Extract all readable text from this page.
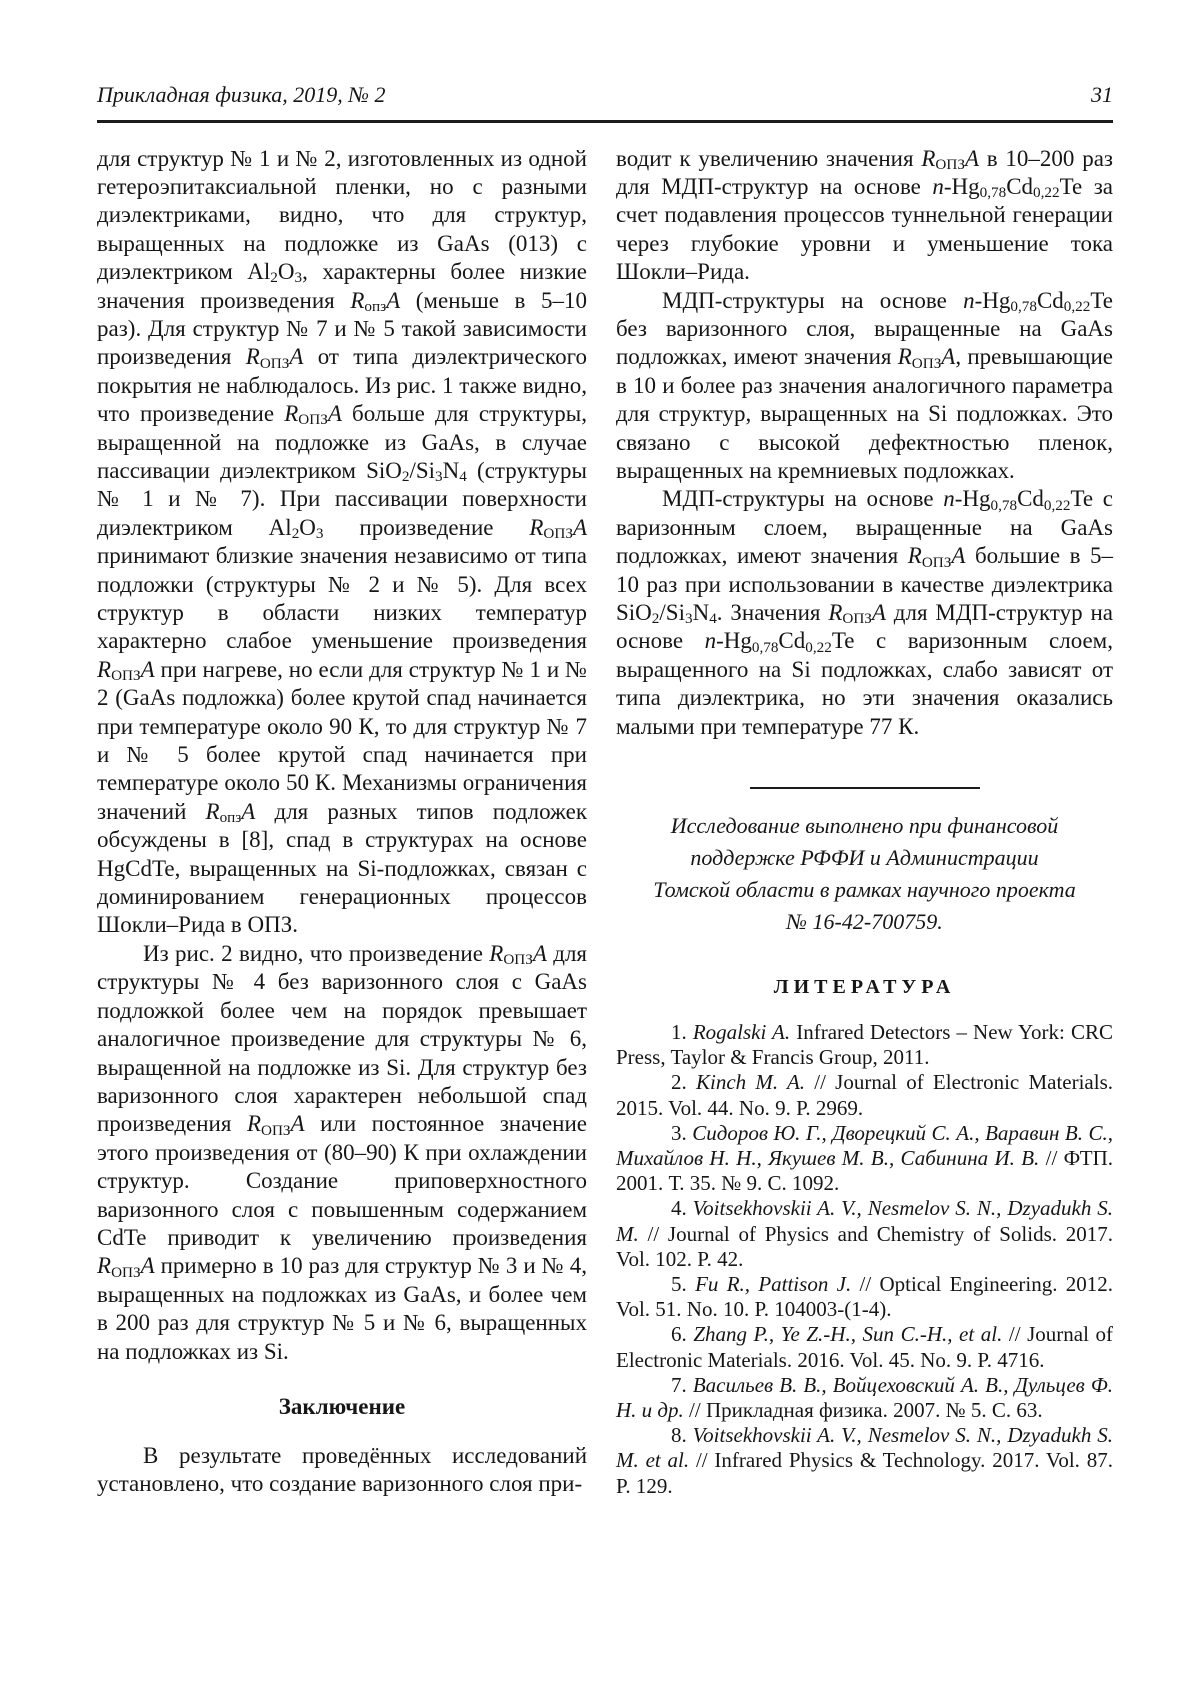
Прикладная физика, 2019, № 2	31

для структур № 1 и № 2, изготовленных из одной гетероэпитаксиальной пленки, но с разными диэлектриками, видно, что для структур, выращенных на подложке из GaAs (013) с диэлектриком Al2O3, характерны более низкие значения произведения RопзA (меньше в 5–10 раз). Для структур № 7 и № 5 такой зависимости произведения RОПЗA от типа диэлектрического покрытия не наблюдалось. Из рис. 1 также видно, что произведение RОПЗA больше для структуры, выращенной на подложке из GaAs, в случае пассивации диэлектриком SiO2/Si3N4 (структуры № 1 и № 7). При пассивации поверхности диэлектриком Al2O3 произведение RОПЗA принимают близкие значения независимо от типа подложки (структуры № 2 и № 5). Для всех структур в области низких температур характерно слабое уменьшение произведения RОПЗA при нагреве, но если для структур № 1 и № 2 (GaAs подложка) более крутой спад начинается при температуре около 90 К, то для структур № 7 и № 5 более крутой спад начинается при температуре около 50 К. Механизмы ограничения значений RопзA для разных типов подложек обсуждены в [8], спад в структурах на основе HgCdTe, выращенных на Si-подложках, связан с доминированием генерационных процессов Шокли–Рида в ОПЗ.

Из рис. 2 видно, что произведение RОПЗA для структуры № 4 без варизонного слоя с GaAs подложкой более чем на порядок превышает аналогичное произведение для структуры № 6, выращенной на подложке из Si. Для структур без варизонного слоя характерен небольшой спад произведения RОПЗA или постоянное значение этого произведения от (80–90) К при охлаждении структур. Создание приповерхностного варизонного слоя с повышенным содержанием CdTe приводит к увеличению произведения RОПЗA примерно в 10 раз для структур № 3 и № 4, выращенных на подложках из GaAs, и более чем в 200 раз для структур № 5 и № 6, выращенных на подложках из Si.

Заключение

В результате проведённых исследований установлено, что создание варизонного слоя при-

водит к увеличению значения RОПЗA в 10–200 раз для МДП-структур на основе n-Hg0,78Cd0,22Te за счет подавления процессов туннельной генерации через глубокие уровни и уменьшение тока Шокли–Рида.

МДП-структуры на основе n-Hg0,78Cd0,22Te без варизонного слоя, выращенные на GaAs подложках, имеют значения RОПЗA, превышающие в 10 и более раз значения аналогичного параметра для структур, выращенных на Si подложках. Это связано с высокой дефектностью пленок, выращенных на кремниевых подложках.

МДП-структуры на основе n-Hg0,78Cd0,22Te с варизонным слоем, выращенные на GaAs подложках, имеют значения RОПЗA большие в 5–10 раз при использовании в качестве диэлектрика SiO2/Si3N4. Значения RОПЗA для МДП-структур на основе n-Hg0,78Cd0,22Te с варизонным слоем, выращенного на Si подложках, слабо зависят от типа диэлектрика, но эти значения оказались малыми при температуре 77 К.

Исследование выполнено при финансовой
поддержке РФФИ и Администрации
Томской области в рамках научного проекта
№ 16-42-700759.
ЛИТЕРАТУРА

1. Rogalski A. Infrared Detectors – New York: CRC Press, Taylor & Francis Group, 2011.

2. Kinch M. A. // Journal of Electronic Materials. 2015. Vol. 44. No. 9. P. 2969.

3. Сидоров Ю. Г., Дворецкий С. А., Варавин В. С., Михайлов Н. Н., Якушев М. В., Сабинина И. В. // ФТП. 2001. Т. 35. № 9. С. 1092.

4. Voitsekhovskii A. V., Nesmelov S. N., Dzyadukh S. M. // Journal of Physics and Chemistry of Solids. 2017. Vol. 102. P. 42.

5. Fu R., Pattison J. // Optical Engineering. 2012. Vol. 51. No. 10. P. 104003-(1-4).

6. Zhang P., Ye Z.-H., Sun C.-H., et al. // Journal of Electronic Materials. 2016. Vol. 45. No. 9. P. 4716.

7. Васильев В. В., Войцеховский А. В., Дульцев Ф. Н. и др. // Прикладная физика. 2007. № 5. С. 63.

8. Voitsekhovskii A. V., Nesmelov S. N., Dzyadukh S. M. et al. // Infrared Physics & Technology. 2017. Vol. 87. P. 129.
